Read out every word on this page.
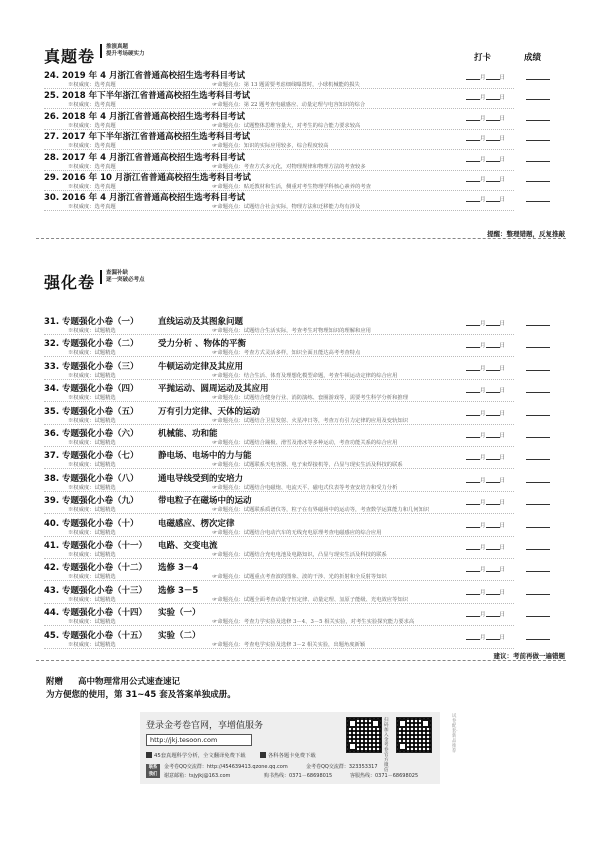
真题卷 推演真题
提升考场硬实力	打卡	成绩
24. 2019 年 4 月浙江省普通高校招生选考科目考试
※权威度：选考真题	☞命题亮点：第 13 题需要考虑细线曝置时，小球机械能的损失
月	日
25. 2018 年下半年浙江省普通高校招生选考科目考试
※权威度：选考真题	☞命题亮点：第 22 题考查电磁感应、动量定理与电容知识的综合
月	日
26. 2018 年 4 月浙江省普通高校招生选考科目考试
※权威度：选考真题	☞命题亮点：试题整体思维容量大，对考生的综合能力要求较高
月	日
27. 2017 年下半年浙江省普通高校招生选考科目考试
※权威度：选考真题	☞命题亮点：知识的实际应用较多，综合程度较高
月	日
28. 2017 年 4 月浙江省普通高校招生选考科目考试
※权威度：选考真题	☞命题亮点：考查方式多元化，对物理规律和物理方法的考查较多
月	日
29. 2016 年 10 月浙江省普通高校招生选考科目考试
※权威度：选考真题	☞命题亮点：贴近教材和生活，侧重对考生物理学科核心素养的考查
月	日
30. 2016 年 4 月浙江省普通高校招生选考科目考试
※权威度：选考真题	☞命题亮点：试题结合社会实际，物理方法和迁移能力均有涉及
月	日
提醒：整理错题，反复推敲
强化卷 查漏补缺
逐一突破必考点
31. 专题强化小卷（一） 直线运动及其图象问题
※权威度：试题精选	☞命题亮点：试题结合生活实际，考查考生对物理知识的理解和应用
月	日
32. 专题强化小卷（二） 受力分析 、物体的平衡
※权威度：试题精选	☞命题亮点：考查方式灵活多样，知识全面且能达高考考查特点
月	日
33. 专题强化小卷（三） 牛顿运动定律及其应用
※权威度：试题精选	☞命题亮点：结合生活、体育及理想化模型命题，考查牛顿运动定律的综合应用
月	日
34. 专题强化小卷（四） 平抛运动、圆周运动及其应用
※权威度：试题精选	☞命题亮点：试题结合健身行业、消防演练、套圈游戏等，需要考生科学分析和推理
月	日
35. 专题强化小卷（五） 万有引力定律、天体的运动
※权威度：试题精选	☞命题亮点：试题结合卫星发射、火星冲日等，考查万有引力定律的应用及变轨知识
月	日
36. 专题强化小卷（六） 机械能、功和能
※权威度：试题精选	☞命题亮点：试题结合蹦极、滑雪及滑冰等多种运动，考查功能关系的综合应用
月	日
37. 专题强化小卷（七） 静电场、电场中的力与能
※权威度：试题精选	☞命题亮点：试题联系天电容器、电子束焊接机等，凸显与现实生活及科技的联系
月	日
38. 专题强化小卷（八） 通电导线受到的安培力
※权威度：试题精选	☞命题亮点：试题结合电磁炮、电流天平、磁电式仪表等考查安培力和受力分析
月	日
39. 专题强化小卷（九） 带电粒子在磁场中的运动
※权威度：试题精选	☞命题亮点：试题联系质谱仪等，粒子在有界磁场中的运动等，考查数学运算能力和几何知识
月	日
40. 专题强化小卷（十） 电磁感应、楞次定律
※权威度：试题精选	☞命题亮点：试题结合电动汽车的无线充电原理考查电磁感应的综合应用
月	日
41. 专题强化小卷（十一） 电路、交变电流
※权威度：试题精选	☞命题亮点：试题结合充电电池及电路知识，凸显与现实生活及科技的联系
月	日
42. 专题强化小卷（十二） 选修 3－4
※权威度：试题精选	☞命题亮点：试题重点考查波的图象、波的干涉、光的折射和全反射等知识
月	日
43. 专题强化小卷（十三） 选修 3－5
※权威度：试题精选	☞命题亮点：试题全面考查动量守恒定律、动量定理、氢原子能级、光电效应等知识
月	日
44. 专题强化小卷（十四） 实验（一）
※权威度：试题精选	☞命题亮点：考查力学实验及选修 3－4、3－5 相关实验，对考生实验探究能力要求高
月	日
45. 专题强化小卷（十五） 实验（二）
※权威度：试题精选	☞命题亮点：考查电学实验及选修 3－2 相关实验，出题角度新颖
月	日
建议：考前再做一遍错题
附赠 高中物理常用公式速查速记
为方便您的使用，第 31~45 套及答案单独成册。
登录金考卷官网，享增值服务
http://jkj.tesoon.com
45套真题科学分析，全文翻译免费下载	各科各题卡免费下载
联系
我们
金考卷QQ交流群：http://454639413.qzone.qq.com	金考卷QQ交流群：323353317
谢意邮箱：tsjyjkj@163.com	购书热线：0371－68698015	客服热线：0371－68698025
扫码加入金考卷官方微信
试卷配套·新品推荐
